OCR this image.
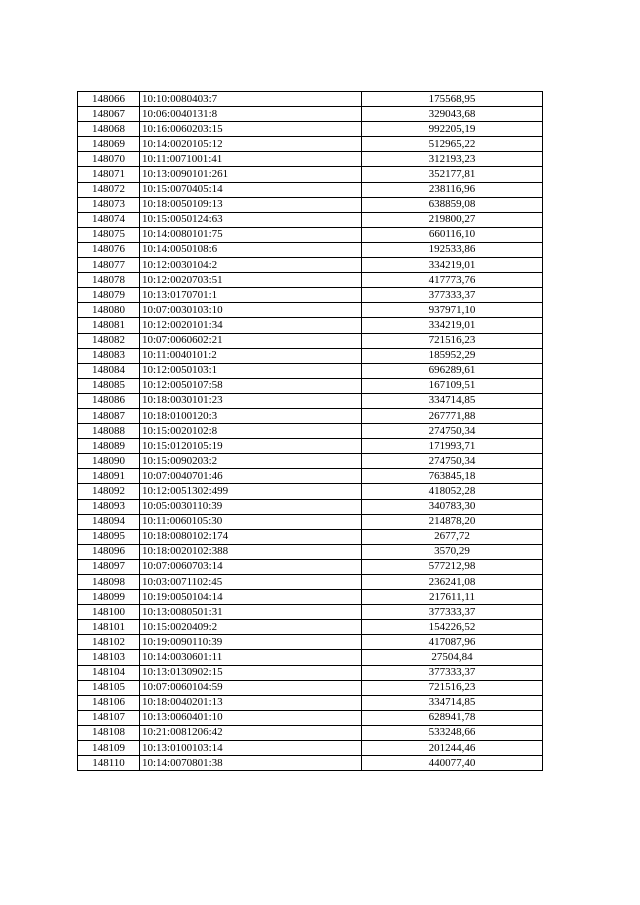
148066	10:10:0080403:7	175568,95
148067	10:06:0040131:8	329043,68
148068	10:16:0060203:15	992205,19
148069	10:14:0020105:12	512965,22
148070	10:11:0071001:41	312193,23
148071	10:13:0090101:261	352177,81
148072	10:15:0070405:14	238116,96
148073	10:18:0050109:13	638859,08
148074	10:15:0050124:63	219800,27
148075	10:14:0080101:75	660116,10
148076	10:14:0050108:6	192533,86
148077	10:12:0030104:2	334219,01
148078	10:12:0020703:51	417773,76
148079	10:13:0170701:1	377333,37
148080	10:07:0030103:10	937971,10
148081	10:12:0020101:34	334219,01
148082	10:07:0060602:21	721516,23
148083	10:11:0040101:2	185952,29
148084	10:12:0050103:1	696289,61
148085	10:12:0050107:58	167109,51
148086	10:18:0030101:23	334714,85
148087	10:18:0100120:3	267771,88
148088	10:15:0020102:8	274750,34
148089	10:15:0120105:19	171993,71
148090	10:15:0090203:2	274750,34
148091	10:07:0040701:46	763845,18
148092	10:12:0051302:499	418052,28
148093	10:05:0030110:39	340783,30
148094	10:11:0060105:30	214878,20
148095	10:18:0080102:174	2677,72
148096	10:18:0020102:388	3570,29
148097	10:07:0060703:14	577212,98
148098	10:03:0071102:45	236241,08
148099	10:19:0050104:14	217611,11
148100	10:13:0080501:31	377333,37
148101	10:15:0020409:2	154226,52
148102	10:19:0090110:39	417087,96
148103	10:14:0030601:11	27504,84
148104	10:13:0130902:15	377333,37
148105	10:07:0060104:59	721516,23
148106	10:18:0040201:13	334714,85
148107	10:13:0060401:10	628941,78
148108	10:21:0081206:42	533248,66
148109	10:13:0100103:14	201244,46
148110	10:14:0070801:38	440077,40
